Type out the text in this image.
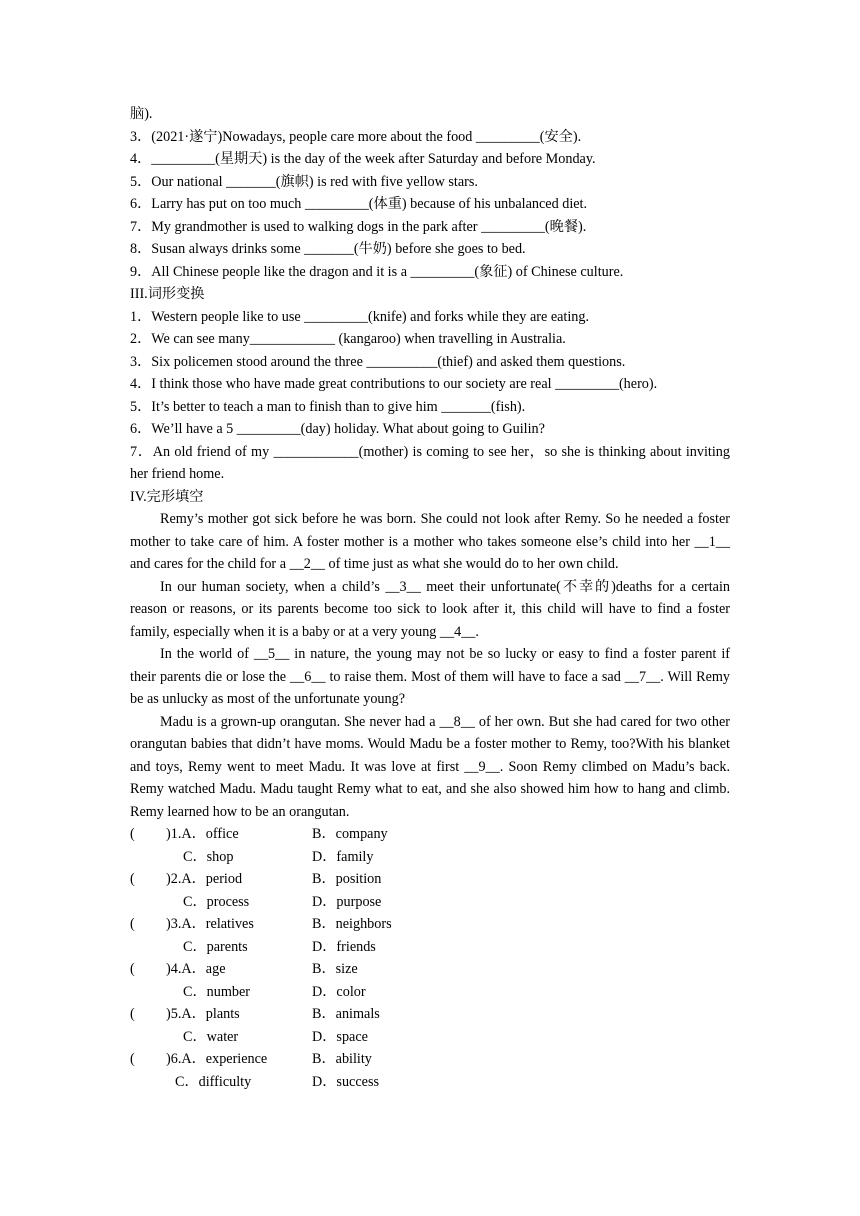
脑).
3．(2021·遂宁)Nowadays, people care more about the food _________(安全).
4．_________(星期天) is the day of the week after Saturday and before Monday.
5．Our national _______(旗帜) is red with five yellow stars.
6．Larry has put on too much _________(体重) because of his unbalanced diet.
7．My grandmother is used to walking dogs in the park after _________(晚餐).
8．Susan always drinks some _______(牛奶) before she goes to bed.
9．All Chinese people like the dragon and it is a _________(象征) of Chinese culture.
III.词形变换
1．Western people like to use _________(knife) and forks while they are eating.
2．We can see many____________ (kangaroo) when travelling in Australia.
3．Six policemen stood around the three __________(thief) and asked them questions.
4．I think those who have made great contributions to our society are real _________(hero).
5．It’s better to teach a man to finish than to give him _______(fish).
6．We’ll have a 5 _________(day) holiday. What about going to Guilin?
7．An old friend of my ____________(mother) is coming to see her，so she is thinking about inviting her friend home.
IV.完形填空
Remy’s mother got sick before he was born. She could not look after Remy. So he needed a foster mother to take care of him. A foster mother is a mother who takes someone else’s child into her __1__ and cares for the child for a __2__ of time just as what she would do to her own child.
In our human society, when a child’s __3__ meet their unfortunate(不幸的)deaths for a certain reason or reasons, or its parents become too sick to look after it, this child will have to find a foster family, especially when it is a baby or at a very young __4__.
In the world of __5__ in nature, the young may not be so lucky or easy to find a foster parent if their parents die or lose the __6__ to raise them. Most of them will have to face a sad __7__. Will Remy be as unlucky as most of the unfortunate young?
Madu is a grown-up orangutan. She never had a __8__ of her own. But she had cared for two other orangutan babies that didn’t have moms. Would Madu be a foster mother to Remy, too?With his blanket and toys, Remy went to meet Madu. It was love at first __9__. Soon Remy climbed on Madu’s back. Remy watched Madu. Madu taught Remy what to eat, and she also showed him how to hang and climb. Remy learned how to be an orangutan.
( )1.A．office	B．company
C．shop	D．family
( )2.A．period	B．position
C．process	D．purpose
( )3.A．relatives	B．neighbors
C．parents	D．friends
( )4.A．age	B．size
C．number	D．color
( )5.A．plants	B．animals
C．water	D．space
( )6.A．experience	B．ability
C．difficulty	D．success
